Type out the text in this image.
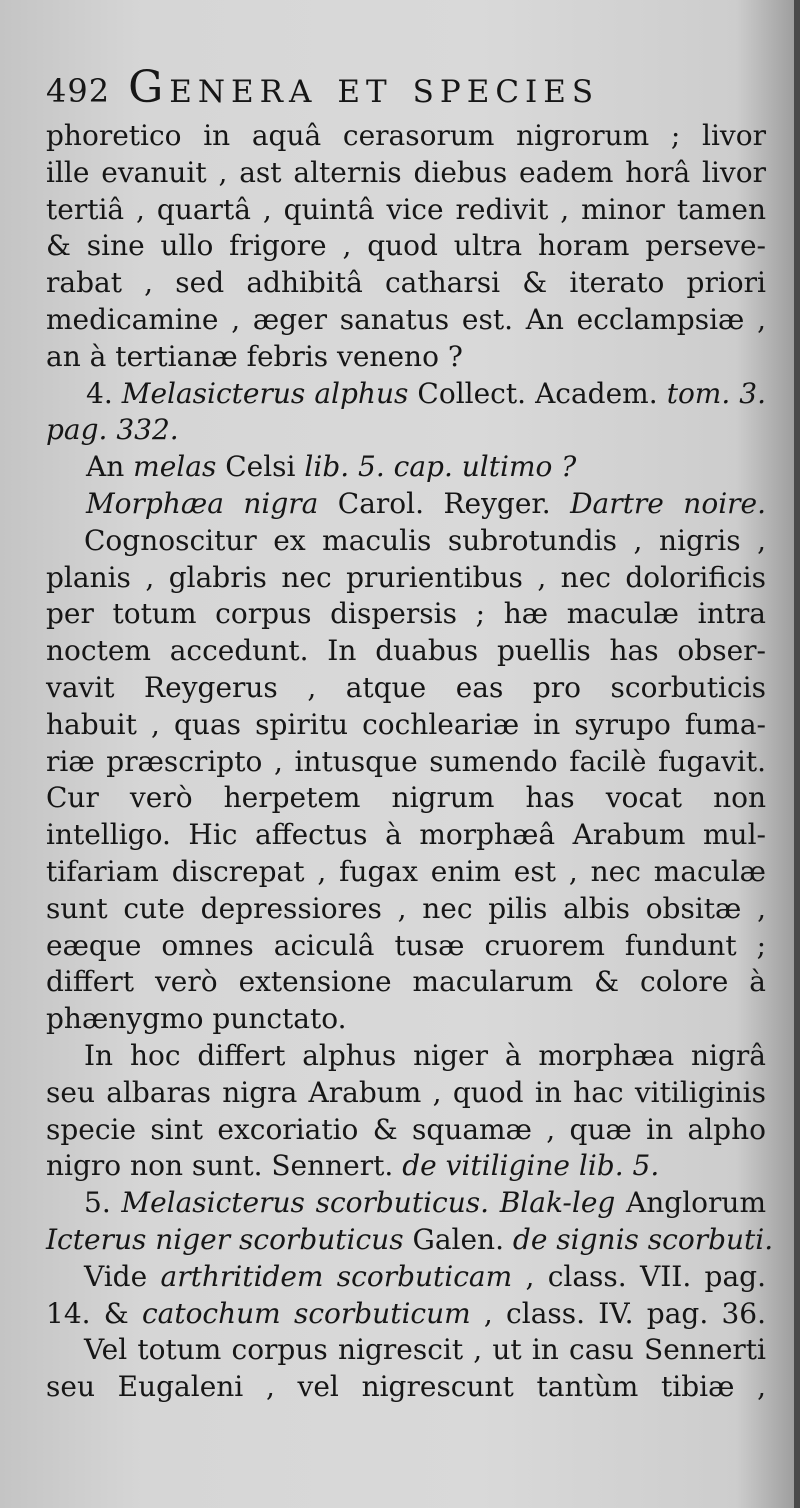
492 Genera et species
phoretico in aquâ cerasorum nigrorum ; livor
ille evanuit , ast alternis diebus eadem horâ livor
tertiâ , quartâ , quintâ vice redivit , minor tamen
& sine ullo frigore , quod ultra horam perseve-
rabat , sed adhibitâ catharsi & iterato priori
medicamine , æger sanatus est. An ecclampsiæ ,
an à tertianæ febris veneno ?
4. Melasicterus alphus Collect. Academ. tom. 3.
pag. 332.
An melas Celsi lib. 5. cap. ultimo ?
Morphæa nigra Carol. Reyger. Dartre noire.
Cognoscitur ex maculis subrotundis , nigris ,
planis , glabris nec prurientibus , nec dolorificis
per totum corpus dispersis ; hæ maculæ intra
noctem accedunt. In duabus puellis has obser-
vavit Reygerus , atque eas pro scorbuticis
habuit , quas spiritu cochleariæ in syrupo fuma-
riæ præscripto , intusque sumendo facilè fugavit.
Cur verò herpetem nigrum has vocat non
intelligo. Hic affectus à morphæâ Arabum mul-
tifariam discrepat , fugax enim est , nec maculæ
sunt cute depressiores , nec pilis albis obsitæ ,
eæque omnes aciculâ tusæ cruorem fundunt ;
differt verò extensione macularum & colore à
phænygmo punctato.
In hoc differt alphus niger à morphæa nigrâ
seu albaras nigra Arabum , quod in hac vitiliginis
specie sint excoriatio & squamæ , quæ in alpho
nigro non sunt. Sennert. de vitiligine lib. 5.
5. Melasicterus scorbuticus. Blak-leg Anglorum
Icterus niger scorbuticus Galen. de signis scorbuti.
Vide arthritidem scorbuticam , class. VII. pag.
14. & catochum scorbuticum , class. IV. pag. 36.
Vel totum corpus nigrescit , ut in casu Sennerti
seu Eugaleni , vel nigrescunt tantùm tibiæ ,
